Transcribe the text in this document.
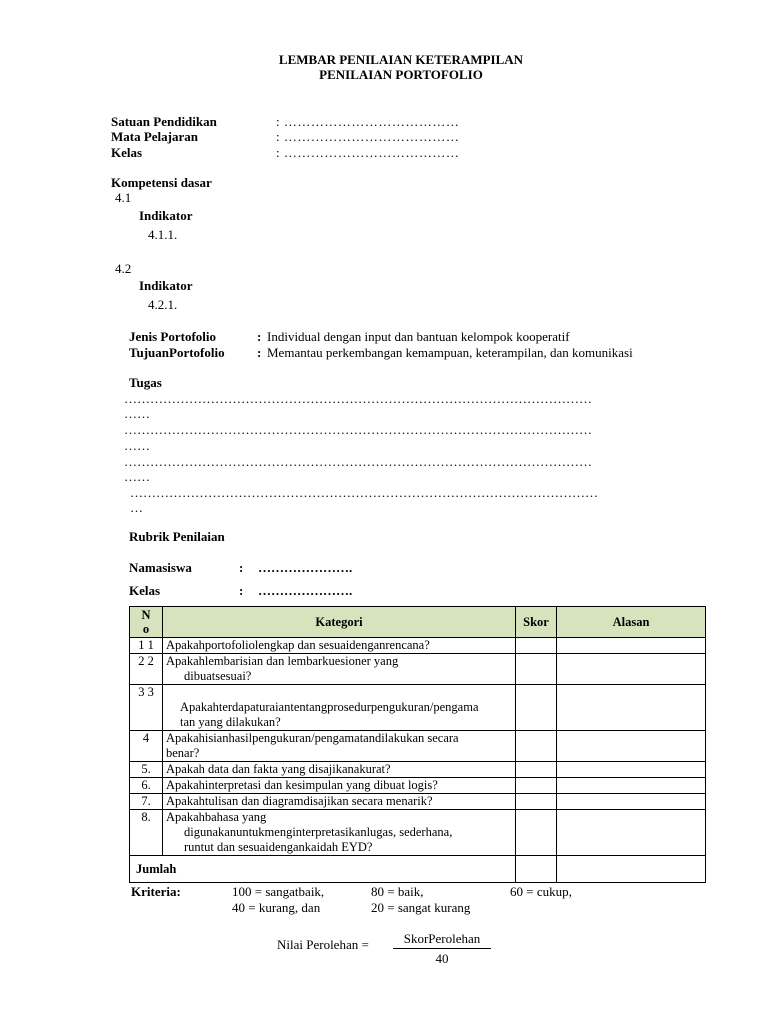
LEMBAR PENILAIAN KETERAMPILAN
PENILAIAN PORTOFOLIO
Satuan Pendidikan	: …………………………………
Mata Pelajaran	: …………………………………
Kelas	: …………………………………
Kompetensi dasar
4.1
Indikator
4.1.1.
4.2
Indikator
4.2.1.
Jenis Portofolio	: Individual dengan input dan bantuan kelompok kooperatif
TujuanPortofolio : Memantau perkembangan kemampuan, keterampilan, dan komunikasi
Tugas
………………………………………………………………………………………………
……
………………………………………………………………………………………………
……
………………………………………………………………………………………………
……
………………………………………………………………………………………………
…
Rubrik Penilaian
Namasiswa	: ………………….
Kelas	: ………………….
N
o	Kategori	Skor	Alasan
1 1	Apakahportofoliolengkap dan sesuaidenganrencana?		
2 2	Apakahlembarisian dan lembarkuesioner yang
dibuatsesuai?		

3 3	Apakahterdapaturaiantentangprosedurpengukuran/pengama
tan yang dilakukan?		

4	Apakahisianhasilpengukuran/pengamatandilakukan secara
benar?		

5.	Apakah data dan fakta yang disajikanakurat?		
6.	Apakahinterpretasi dan kesimpulan yang dibuat logis?		
7.	Apakahtulisan dan diagramdisajikan secara menarik?		
8.	Apakahbahasa yang
digunakanuntukmenginterpretasikanlugas, sederhana,
runtut dan sesuaidengankaidah EYD?		

Jumlah			
Kriteria:	100 = sangatbaik,	80 = baik,	60 = cukup,
40 = kurang, dan	20 = sangat kurang
Nilai Perolehan =	SkorPerolehan
40
